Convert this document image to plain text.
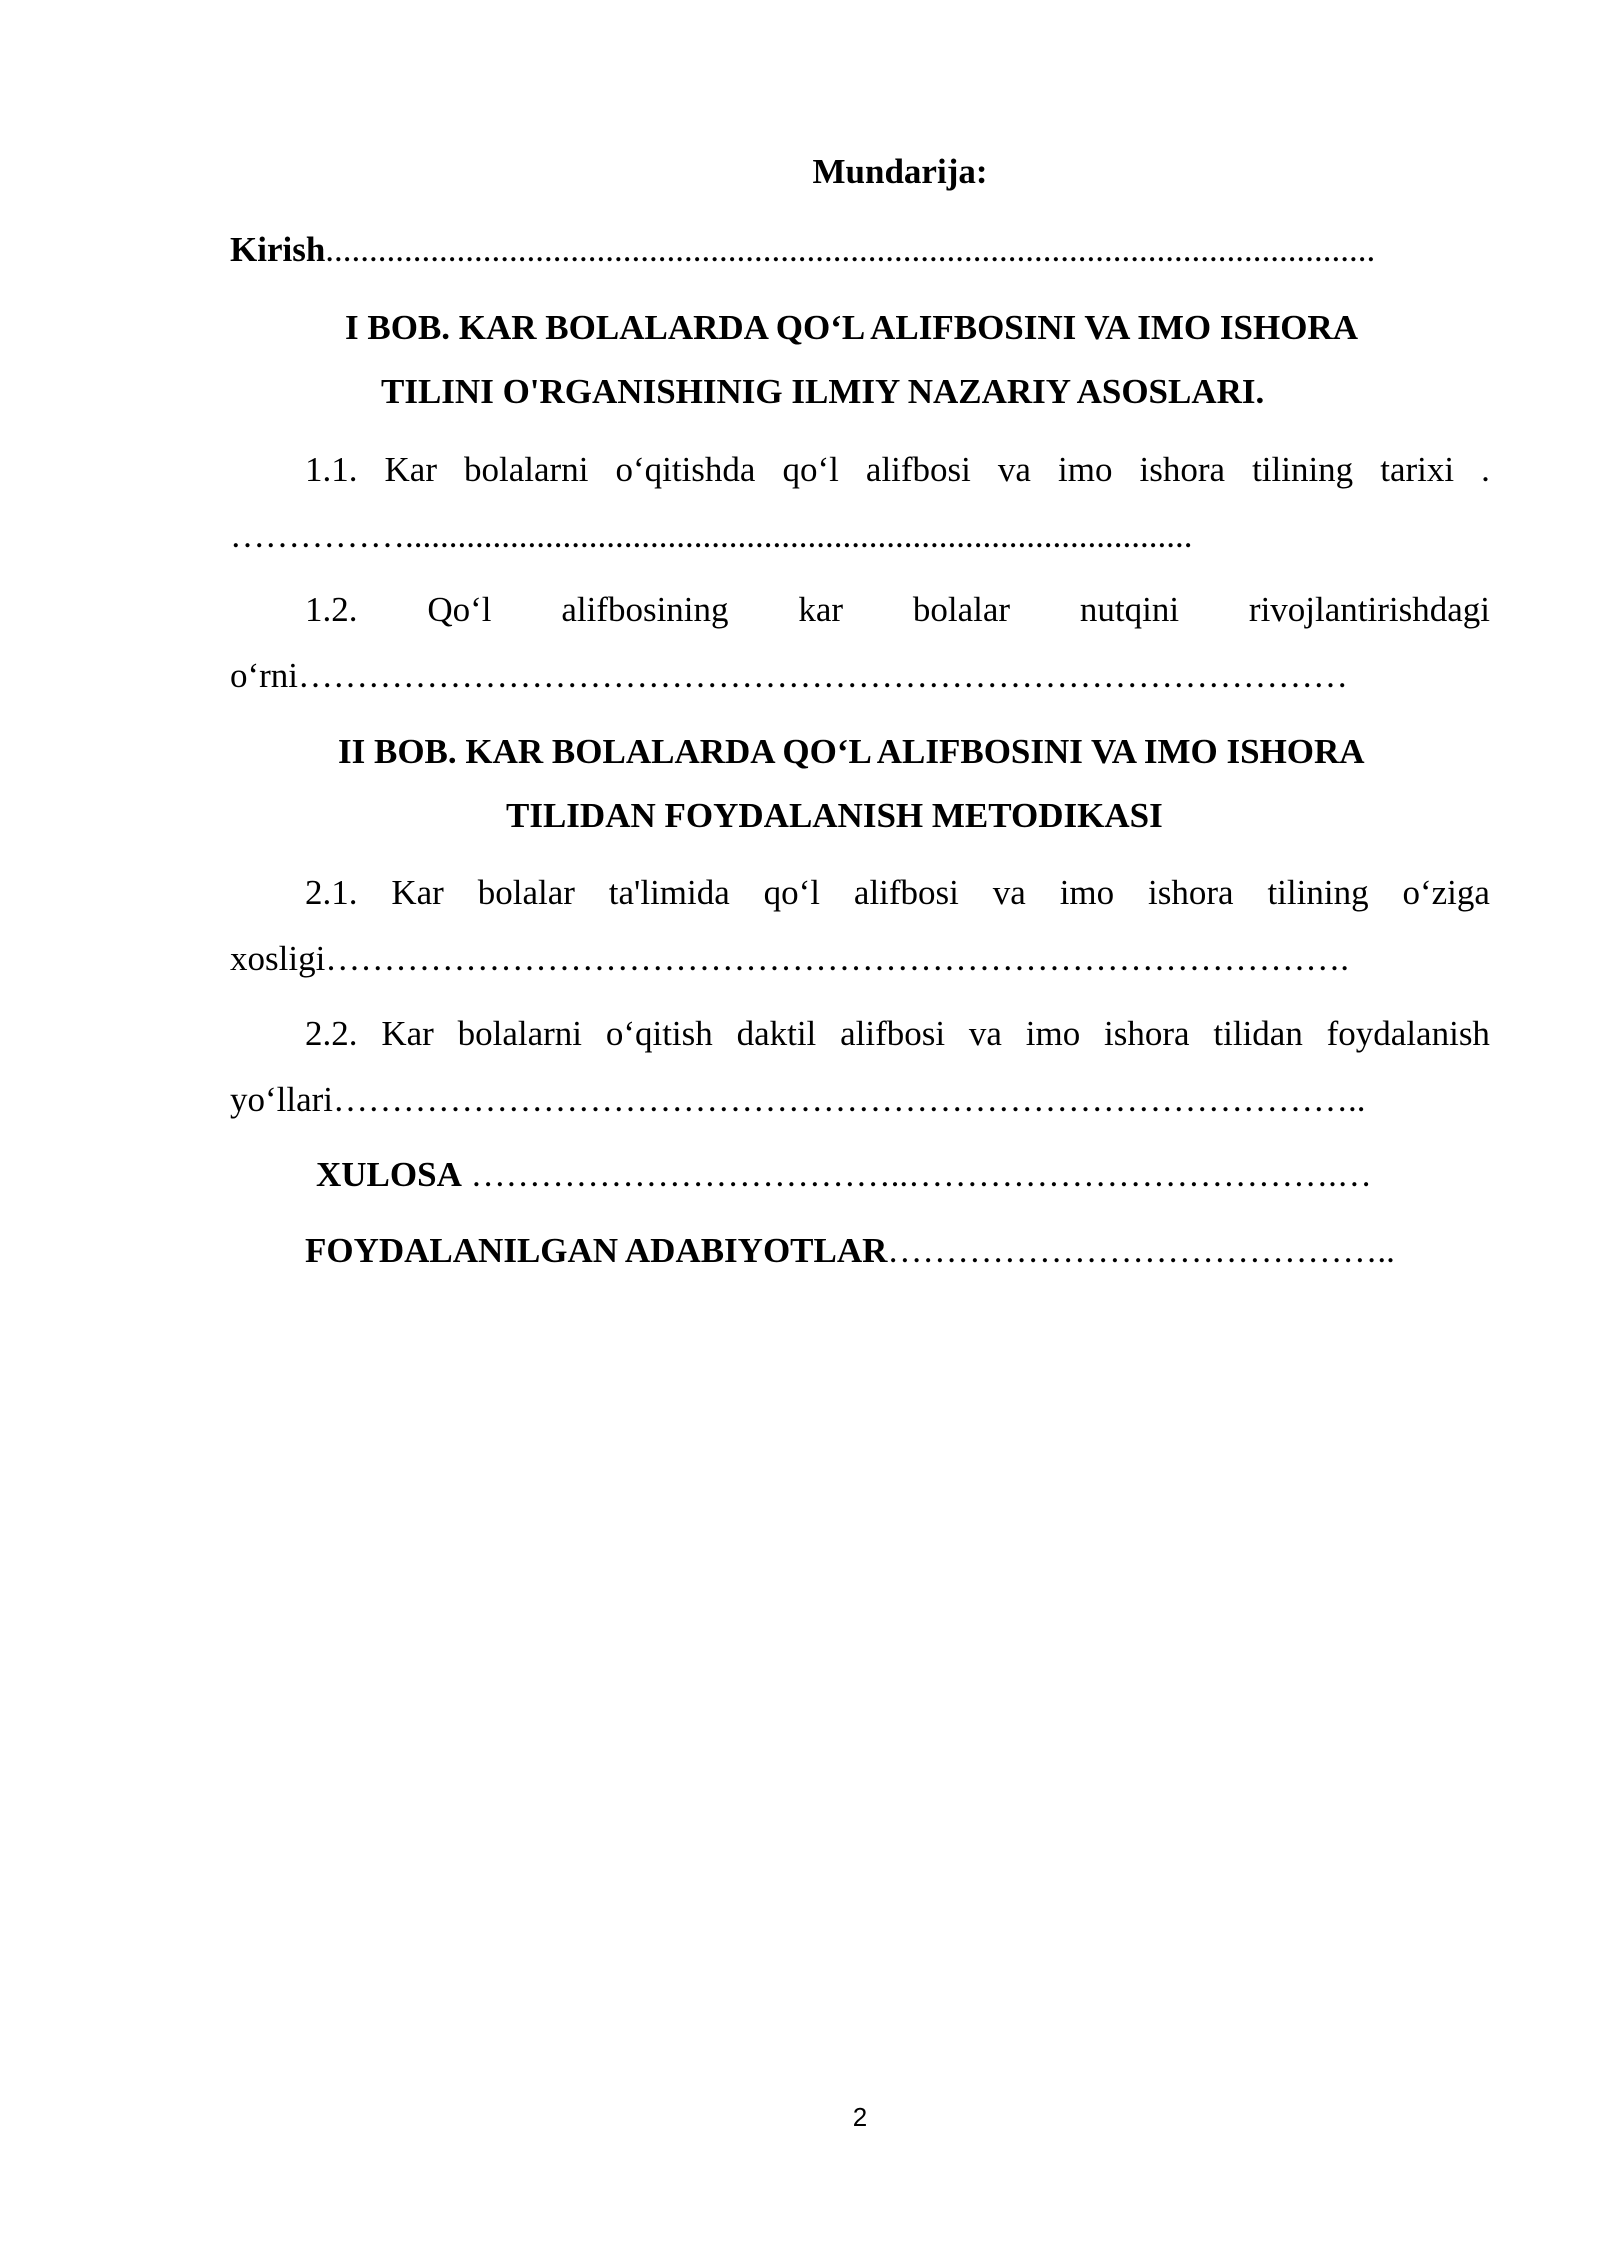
Mundarija:
Kirish........................................................................................................................
I BOB. KAR BOLALARDA QO‘L ALIFBOSINI VA IMO ISHORA
TILINI O'RGANISHINIG ILMIY NAZARIY ASOSLARI.
1.1. Kar bolalarni o‘qitishda qo‘l alifbosi va imo ishora tilining tarixi .
……………..........................................................................................
1.2. Qo‘l alifbosining kar bolalar nutqini rivojlantirishdagi
o‘rni………………………………………………………………………………
II BOB. KAR BOLALARDA QO‘L ALIFBOSINI VA IMO ISHORA
TILIDAN FOYDALANISH METODIKASI
2.1. Kar bolalar ta'limida qo‘l alifbosi va imo ishora tilining o‘ziga
xosligi…………………………………………………………………………….
2.2. Kar bolalarni o‘qitish daktil alifbosi va imo ishora tilidan foydalanish
yo‘llari……………………………………………………………………………..
XULOSA ………………………………..……………………………….…
FOYDALANILGAN ADABIYOTLAR……………………………………..
2
